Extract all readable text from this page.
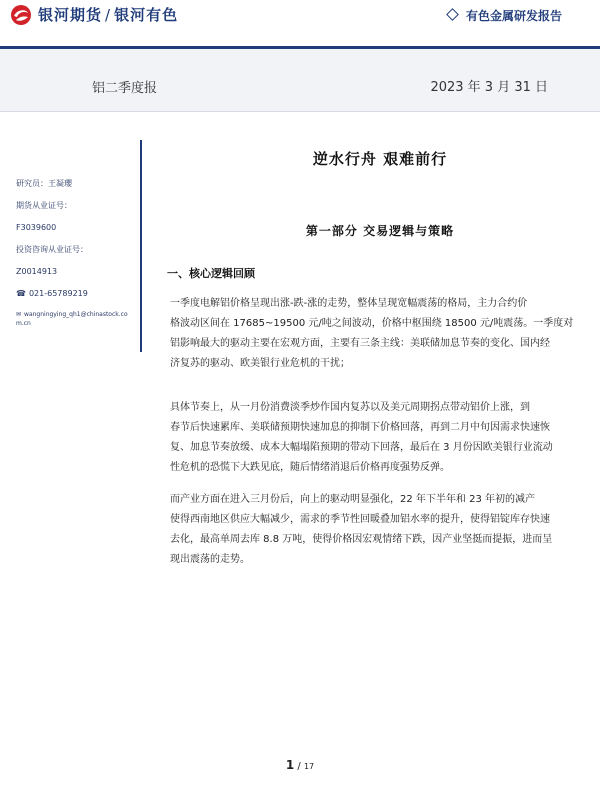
银河期货 / 银河有色	有色金属研发报告
铝二季度报	2023 年 3 月 31 日
研究员：王凝瓔
期货从业证号：
F3039600
投资咨询从业证号：
Z0014913
☎ 021-65789219
✉ wangningying_qh1@chinastock.com.cn
逆水行舟 艰难前行
第一部分 交易逻辑与策略
一、核心逻辑回顾
一季度电解铝价格呈现出涨-跌-涨的走势，整体呈现宽幅震荡的格局，主力合约价
格波动区间在 17685~19500 元/吨之间波动，价格中枢围绕 18500 元/吨震荡。一季度对
铝影响最大的驱动主要在宏观方面，主要有三条主线：美联储加息节奏的变化、国内经
济复苏的驱动、欧美银行业危机的干扰；
具体节奏上，从一月份消费淡季炒作国内复苏以及美元周期拐点带动铝价上涨，到
春节后快速累库、美联储预期快速加息的抑制下价格回落，再到二月中旬因需求快速恢
复、加息节奏放缓、成本大幅塌陷预期的带动下回落，最后在 3 月份因欧美银行业流动
性危机的恐慌下大跌见底，随后情绪消退后价格再度强势反弹。
而产业方面在进入三月份后，向上的驱动明显强化，22 年下半年和 23 年初的减产
使得西南地区供应大幅减少，需求的季节性回暖叠加铝水率的提升，使得铝锭库存快速
去化，最高单周去库 8.8 万吨，使得价格因宏观情绪下跌，因产业坚挺而提振，进而呈
现出震荡的走势。
1 / 17
